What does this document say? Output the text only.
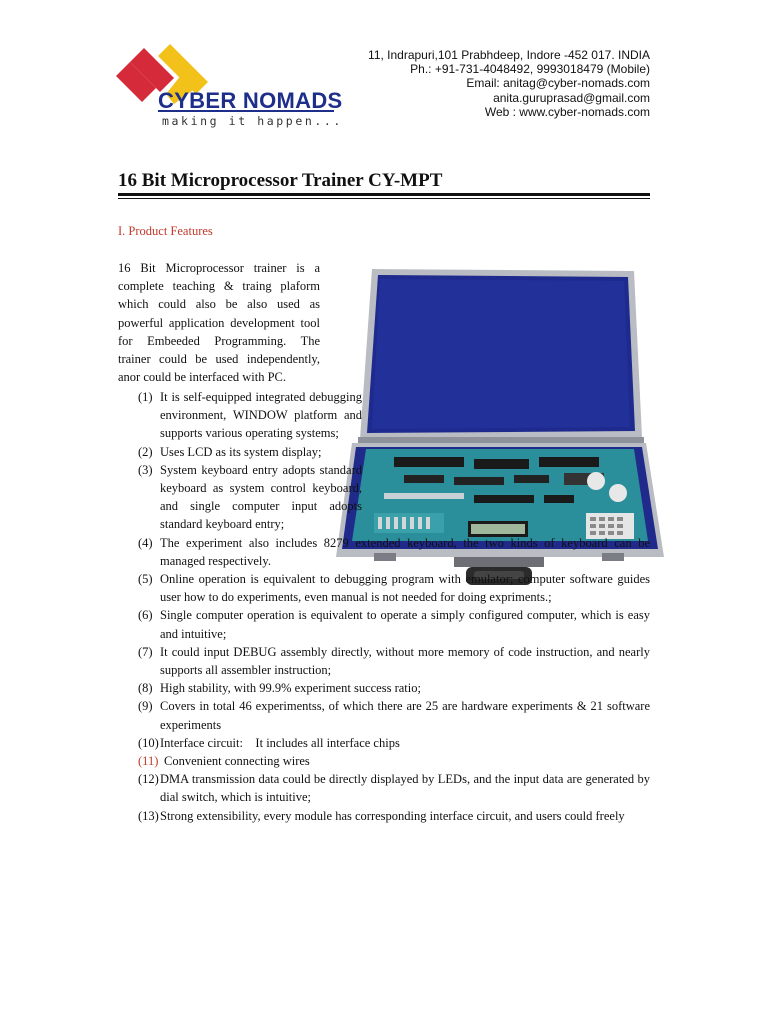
CYBER NOMADS
making it happen...
11, Indrapuri,101 Prabhdeep, Indore -452 017. INDIA
Ph.: +91-731-4048492, 9993018479 (Mobile)
Email: anitag@cyber-nomads.com
anita.guruprasad@gmail.com
Web : www.cyber-nomads.com
16 Bit Microprocessor Trainer CY-MPT
I. Product Features

16 Bit Microprocessor trainer is a complete teaching & traing plaform which could also be also used as powerful application development tool for Embeeded Programming. The trainer could be used independently, anor could be interfaced with PC.

(1) It is self-equipped integrated debugging environment, WINDOW platform and supports various operating systems;
(2) Uses LCD as its system display;
(3) System keyboard entry adopts standard keyboard as system control keyboard, and single computer input adopts standard keyboard entry;
(4) The experiment also includes 8279 extended keyboard, the two kinds of keyboard can be managed respectively.
(5) Online operation is equivalent to debugging program with emulator; computer software guides user how to do experiments, even manual is not needed for doing expriments.;
(6) Single computer operation is equivalent to operate a simply configured computer, which is easy and intuitive;
(7) It could input DEBUG assembly directly, without more memory of code instruction, and nearly supports all assembler instruction;
(8) High stability, with 99.9% experiment success ratio;
(9) Covers in total 46 experimentss, of which there are 25 are hardware experiments & 21 software experiments
(10) Interface circuit:    It includes all interface chips
(11) Convenient connecting wires
(12) DMA transmission data could be directly displayed by LEDs, and the input data are generated by dial switch, which is intuitive;
(13) Strong extensibility, every module has corresponding interface circuit, and users could freely
